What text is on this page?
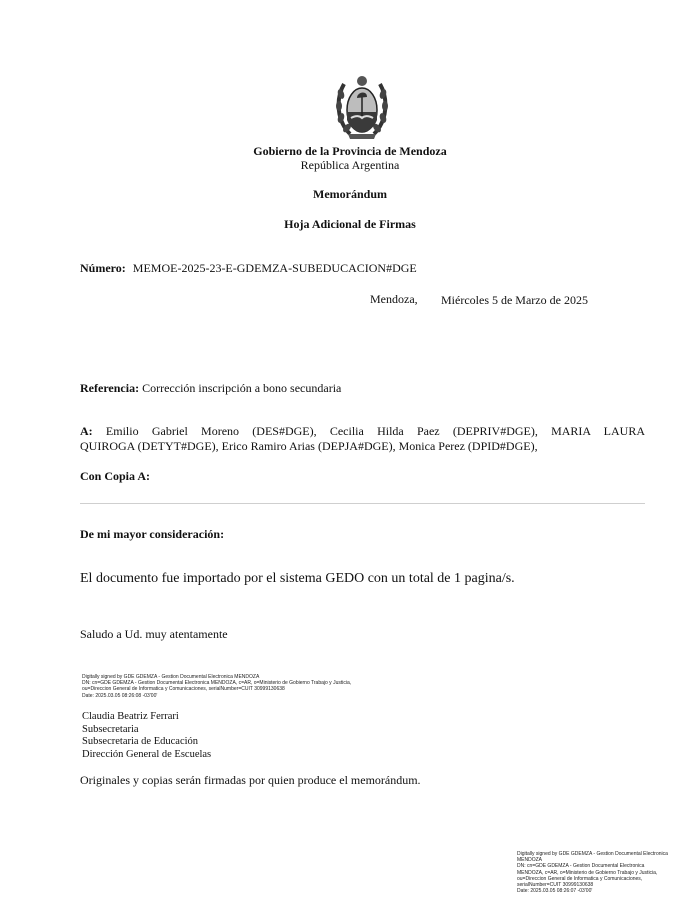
Gobierno de la Provincia de Mendoza
República Argentina
Memorándum
Hoja Adicional de Firmas
Número: MEMOE-2025-23-E-GDEMZA-SUBEDUCACION#DGE
Mendoza, Miércoles 5 de Marzo de 2025
Referencia: Corrección inscripción a bono secundaria
A: Emilio Gabriel Moreno (DES#DGE), Cecilia Hilda Paez (DEPRIV#DGE), MARIA LAURA
QUIROGA (DETYT#DGE), Erico Ramiro Arias (DEPJA#DGE), Monica Perez (DPID#DGE),
Con Copia A:
De mi mayor consideración:
El documento fue importado por el sistema GEDO con un total de 1 pagina/s.
Saludo a Ud. muy atentamente
Digitally signed by GDE GDEMZA - Gestion Documental Electronica MENDOZA
DN: cn=GDE GDEMZA - Gestion Documental Electronica MENDOZA, c=AR, o=Ministerio de Gobierno Trabajo y Justicia,
ou=Direccion General de Informatica y Comunicaciones, serialNumber=CUIT 30999130638
Date: 2025.03.05 08:26:08 -03'00'
Claudia Beatriz Ferrari
Subsecretaria
Subsecretaria de Educación
Dirección General de Escuelas
Originales y copias serán firmadas por quien produce el memorándum.
Digitally signed by GDE GDEMZA - Gestion Documental Electronica
MENDOZA
DN: cn=GDE GDEMZA - Gestion Documental Electronica
MENDOZA, c=AR, o=Ministerio de Gobierno Trabajo y Justicia,
ou=Direccion General de Informatica y Comunicaciones,
serialNumber=CUIT 30999130638
Date: 2025.03.05 08:26:07 -03'00'
